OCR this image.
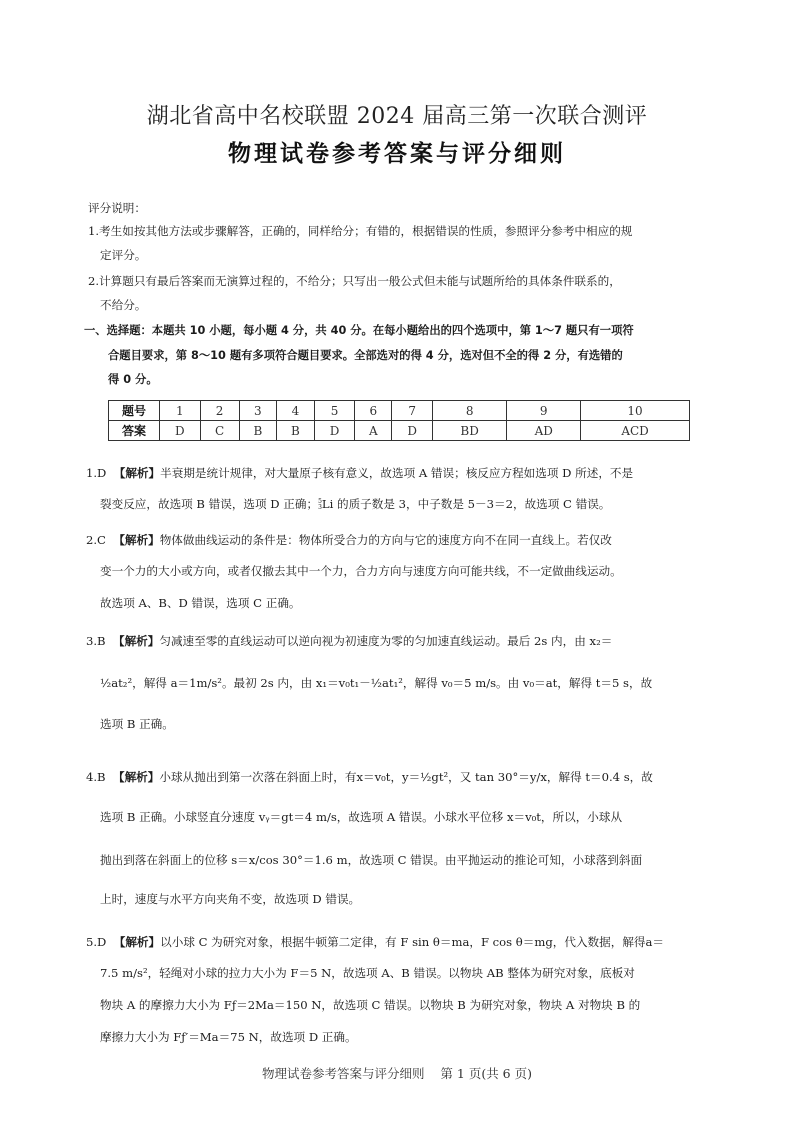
湖北省高中名校联盟 2024 届高三第一次联合测评
物理试卷参考答案与评分细则
评分说明：
1.考生如按其他方法或步骤解答，正确的，同样给分；有错的，根据错误的性质，参照评分参考中相应的规
定评分。
2.计算题只有最后答案而无演算过程的，不给分；只写出一般公式但未能与试题所给的具体条件联系的，
不给分。
一、选择题：本题共 10 小题，每小题 4 分，共 40 分。在每小题给出的四个选项中，第 1～7 题只有一项符
合题目要求，第 8～10 题有多项符合题目要求。全部选对的得 4 分，选对但不全的得 2 分，有选错的
得 0 分。
题号	1	2	3	4	5	6	7	8	9	10
答案	D	C	B	B	D	A	D	BD	AD	ACD
1.D 【解析】半衰期是统计规律，对大量原子核有意义，故选项 A 错误；核反应方程如选项 D 所述，不是
裂变反应，故选项 B 错误，选项 D 正确； 5
3 Li 的质子数是 3，中子数是 5－3＝2，故选项 C 错误。
2.C 【解析】物体做曲线运动的条件是：物体所受合力的方向与它的速度方向不在同一直线上。若仅改
变一个力的大小或方向，或者仅撤去其中一个力，合力方向与速度方向可能共线，不一定做曲线运动。
故选项 A、B、D 错误，选项 C 正确。
3.B 【解析】匀减速至零的直线运动可以逆向视为初速度为零的匀加速直线运动。最后 2s 内，由 x₂＝
½at₂²，解得 a＝1m/s²。最初 2s 内，由 x₁＝v₀t₁－½at₁²，解得 v₀＝5 m/s。由 v₀＝at，解得 t＝5 s，故
选项 B 正确。
4.B 【解析】小球从抛出到第一次落在斜面上时，有x＝v₀t，y＝½gt²，又 tan 30°＝y/x，解得 t＝0.4 s，故
选项 B 正确。小球竖直分速度 vᵧ＝gt＝4 m/s，故选项 A 错误。小球水平位移 x＝v₀t，所以，小球从
抛出到落在斜面上的位移 s＝x/cos 30°＝1.6 m，故选项 C 错误。由平抛运动的推论可知，小球落到斜面
上时，速度与水平方向夹角不变，故选项 D 错误。
5.D 【解析】以小球 C 为研究对象，根据牛顿第二定律，有 F sin θ＝ma，F cos θ＝mg，代入数据，解得a＝
7.5 m/s²，轻绳对小球的拉力大小为 F＝5 N，故选项 A、B 错误。以物块 AB 整体为研究对象，底板对
物块 A 的摩擦力大小为 Fƒ＝2Ma＝150 N，故选项 C 错误。以物块 B 为研究对象，物块 A 对物块 B 的
摩擦力大小为 Fƒ′＝Ma＝75 N，故选项 D 正确。
物理试卷参考答案与评分细则 第 1 页(共 6 页)
